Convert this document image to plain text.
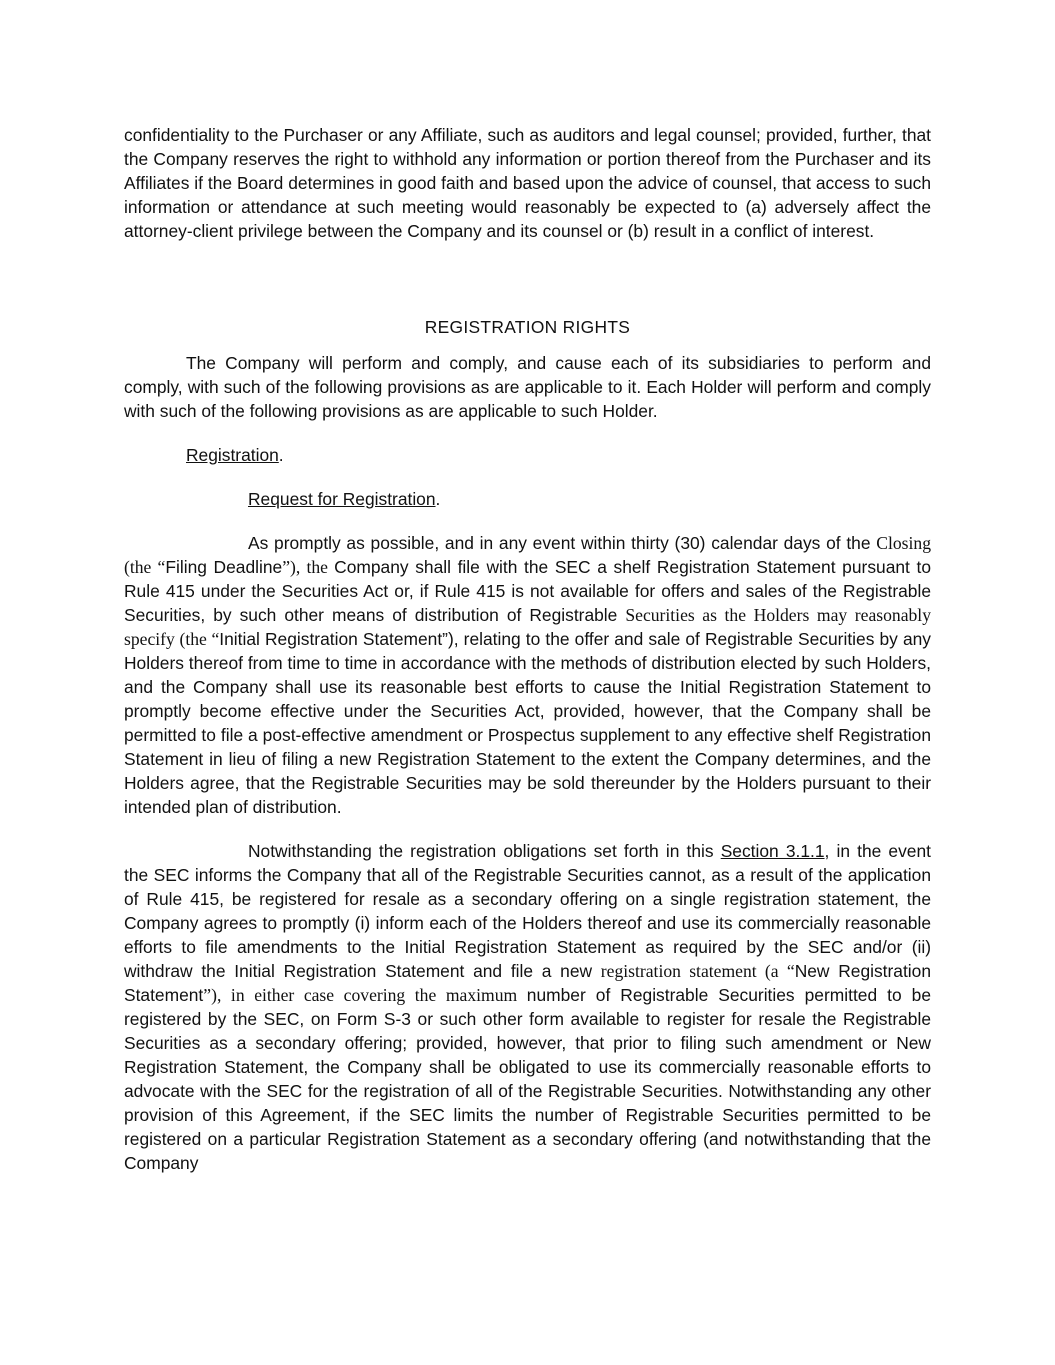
confidentiality to the Purchaser or any Affiliate, such as auditors and legal counsel; provided, further, that the Company reserves the right to withhold any information or portion thereof from the Purchaser and its Affiliates if the Board determines in good faith and based upon the advice of counsel, that access to such information or attendance at such meeting would reasonably be expected to (a) adversely affect the attorney-client privilege between the Company and its counsel or (b) result in a conflict of interest.

REGISTRATION RIGHTS

The Company will perform and comply, and cause each of its subsidiaries to perform and comply, with such of the following provisions as are applicable to it. Each Holder will perform and comply with such of the following provisions as are applicable to such Holder.

Registration.

Request for Registration.

As promptly as possible, and in any event within thirty (30) calendar days of the Closing (the “Filing Deadline”), the Company shall file with the SEC a shelf Registration Statement pursuant to Rule 415 under the Securities Act or, if Rule 415 is not available for offers and sales of the Registrable Securities, by such other means of distribution of Registrable Securities as the Holders may reasonably specify (the “Initial Registration Statement”), relating to the offer and sale of Registrable Securities by any Holders thereof from time to time in accordance with the methods of distribution elected by such Holders, and the Company shall use its reasonable best efforts to cause the Initial Registration Statement to promptly become effective under the Securities Act, provided, however, that the Company shall be permitted to file a post-effective amendment or Prospectus supplement to any effective shelf Registration Statement in lieu of filing a new Registration Statement to the extent the Company determines, and the Holders agree, that the Registrable Securities may be sold thereunder by the Holders pursuant to their intended plan of distribution.

Notwithstanding the registration obligations set forth in this Section 3.1.1, in the event the SEC informs the Company that all of the Registrable Securities cannot, as a result of the application of Rule 415, be registered for resale as a secondary offering on a single registration statement, the Company agrees to promptly (i) inform each of the Holders thereof and use its commercially reasonable efforts to file amendments to the Initial Registration Statement as required by the SEC and/or (ii) withdraw the Initial Registration Statement and file a new registration statement (a “New Registration Statement”), in either case covering the maximum number of Registrable Securities permitted to be registered by the SEC, on Form S-3 or such other form available to register for resale the Registrable Securities as a secondary offering; provided, however, that prior to filing such amendment or New Registration Statement, the Company shall be obligated to use its commercially reasonable efforts to advocate with the SEC for the registration of all of the Registrable Securities. Notwithstanding any other provision of this Agreement, if the SEC limits the number of Registrable Securities permitted to be registered on a particular Registration Statement as a secondary offering (and notwithstanding that the Company
